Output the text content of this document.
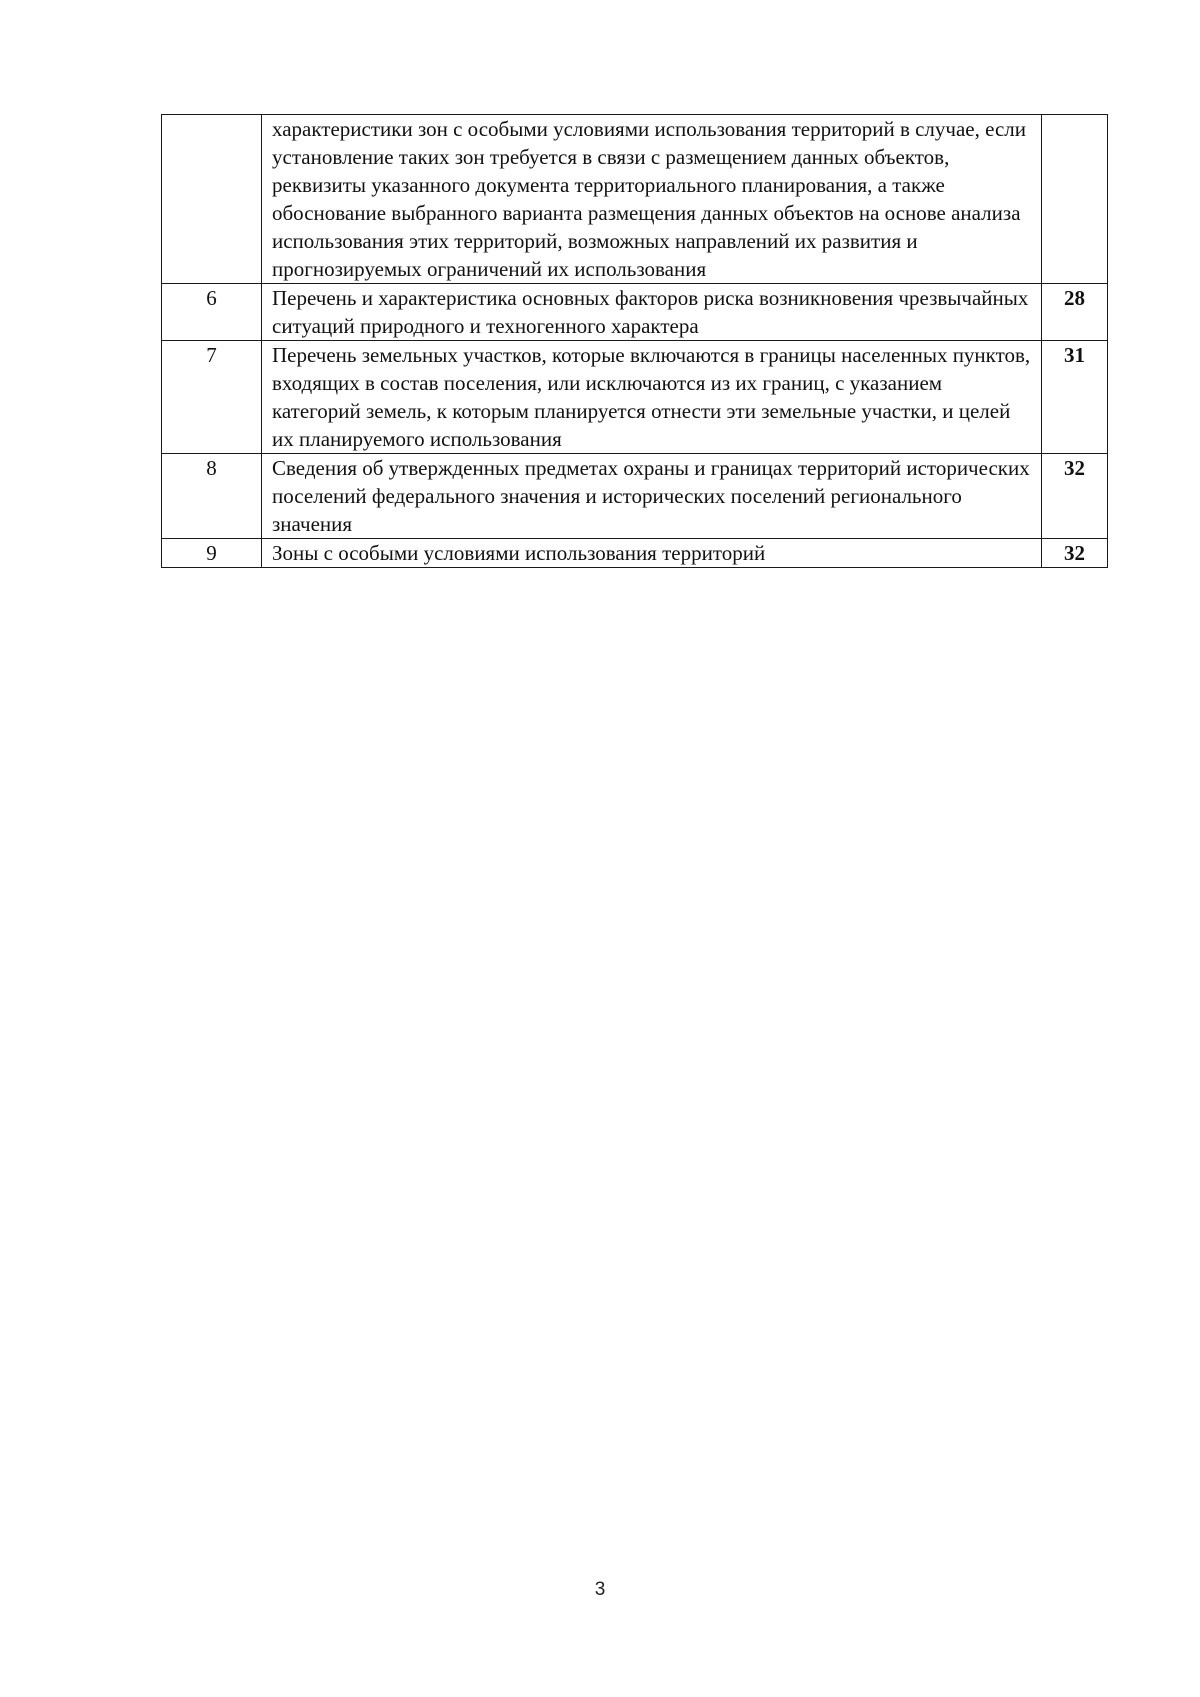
	характеристики зон с особыми условиями использования территорий в случае, если установление таких зон требуется в связи с размещением данных объектов, реквизиты указанного документа территориального планирования, а также обоснование выбранного варианта размещения данных объектов на основе анализа использования этих территорий, возможных направлений их развития и прогнозируемых ограничений их использования	
6	Перечень и характеристика основных факторов риска возникновения чрезвычайных ситуаций природного и техногенного характера	28
7	Перечень земельных участков, которые включаются в границы населенных пунктов, входящих в состав поселения, или исключаются из их границ, с указанием категорий земель, к которым планируется отнести эти земельные участки, и целей их планируемого использования	31
8	Сведения об утвержденных предметах охраны и границах территорий исторических поселений федерального значения и исторических поселений регионального значения	32
9	Зоны с особыми условиями использования территорий	32
3
